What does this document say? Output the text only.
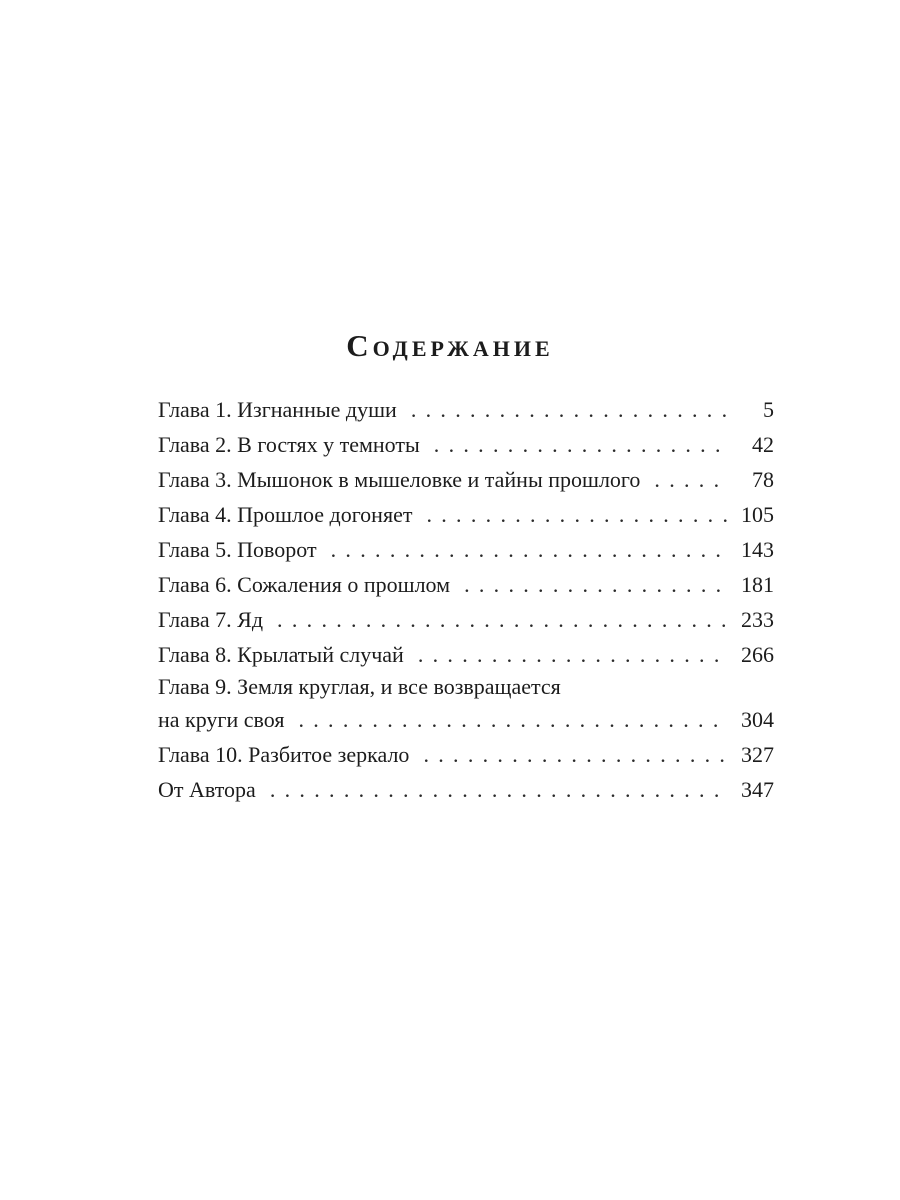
Содержание
Глава 1. Изгнанные души . . .	5
Глава 2. В гостях у темноты . . .	42
Глава 3. Мышонок в мышеловке и тайны прошлого . . .	78
Глава 4. Прошлое догоняет . . .	105
Глава 5. Поворот . . .	143
Глава 6. Сожаления о прошлом . . .	181
Глава 7. Яд . . .	233
Глава 8. Крылатый случай . . .	266
Глава 9. Земля круглая, и все возвращается
на круги своя . . .	304
Глава 10. Разбитое зеркало . . .	327
От Автора . . .	347
